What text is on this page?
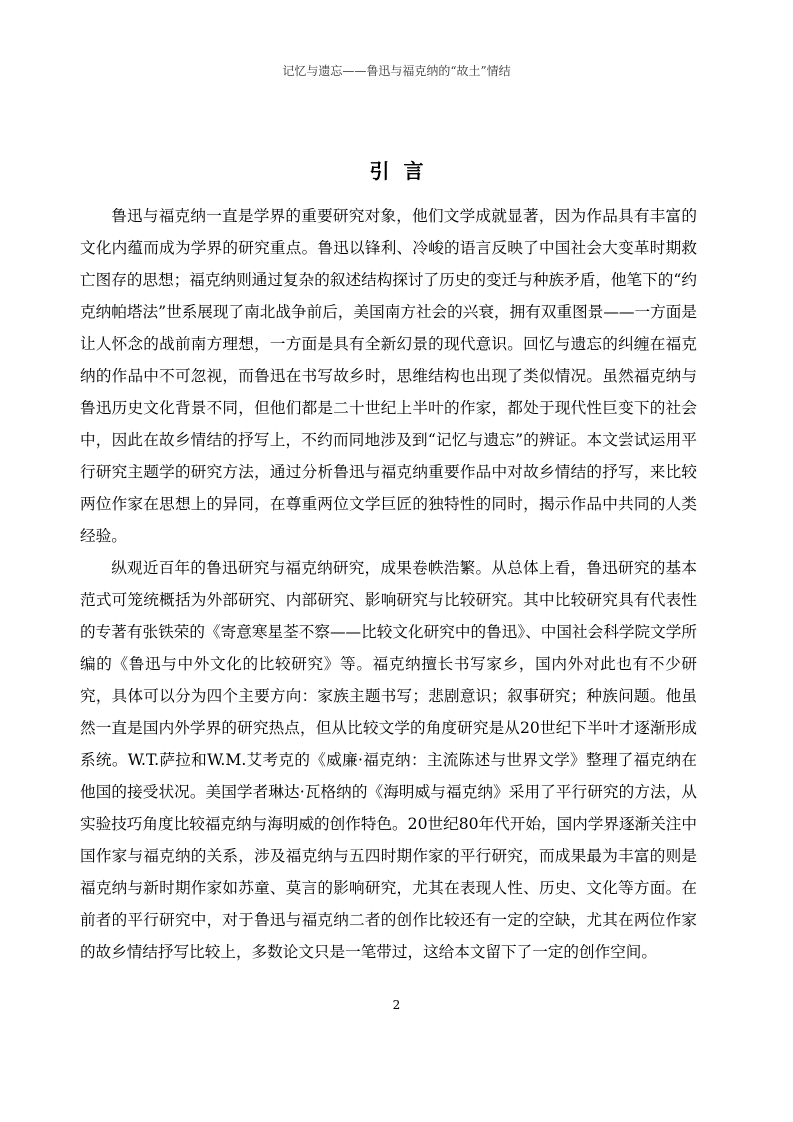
记忆与遗忘——鲁迅与福克纳的“故土”情结
引言

鲁迅与福克纳一直是学界的重要研究对象，他们文学成就显著，因为作品具有丰富的文化内蕴而成为学界的研究重点。鲁迅以锋利、冷峻的语言反映了中国社会大变革时期救亡图存的思想；福克纳则通过复杂的叙述结构探讨了历史的变迁与种族矛盾，他笔下的“约克纳帕塔法”世系展现了南北战争前后，美国南方社会的兴衰，拥有双重图景——一方面是让人怀念的战前南方理想，一方面是具有全新幻景的现代意识。回忆与遗忘的纠缠在福克纳的作品中不可忽视，而鲁迅在书写故乡时，思维结构也出现了类似情况。虽然福克纳与鲁迅历史文化背景不同，但他们都是二十世纪上半叶的作家，都处于现代性巨变下的社会中，因此在故乡情结的抒写上，不约而同地涉及到“记忆与遗忘”的辨证。本文尝试运用平行研究主题学的研究方法，通过分析鲁迅与福克纳重要作品中对故乡情结的抒写，来比较两位作家在思想上的异同，在尊重两位文学巨匠的独特性的同时，揭示作品中共同的人类经验。

纵观近百年的鲁迅研究与福克纳研究，成果卷帙浩繁。从总体上看，鲁迅研究的基本范式可笼统概括为外部研究、内部研究、影响研究与比较研究。其中比较研究具有代表性的专著有张铁荣的《寄意寒星荃不察——比较文化研究中的鲁迅》、中国社会科学院文学所编的《鲁迅与中外文化的比较研究》等。福克纳擅长书写家乡，国内外对此也有不少研究，具体可以分为四个主要方向：家族主题书写；悲剧意识；叙事研究；种族问题。他虽然一直是国内外学界的研究热点，但从比较文学的角度研究是从20世纪下半叶才逐渐形成系统。W.T.萨拉和W.M.艾考克的《威廉·福克纳：主流陈述与世界文学》整理了福克纳在他国的接受状况。美国学者琳达·瓦格纳的《海明威与福克纳》采用了平行研究的方法，从实验技巧角度比较福克纳与海明威的创作特色。20世纪80年代开始，国内学界逐渐关注中国作家与福克纳的关系，涉及福克纳与五四时期作家的平行研究，而成果最为丰富的则是福克纳与新时期作家如苏童、莫言的影响研究，尤其在表现人性、历史、文化等方面。在前者的平行研究中，对于鲁迅与福克纳二者的创作比较还有一定的空缺，尤其在两位作家的故乡情结抒写比较上，多数论文只是一笔带过，这给本文留下了一定的创作空间。

2
